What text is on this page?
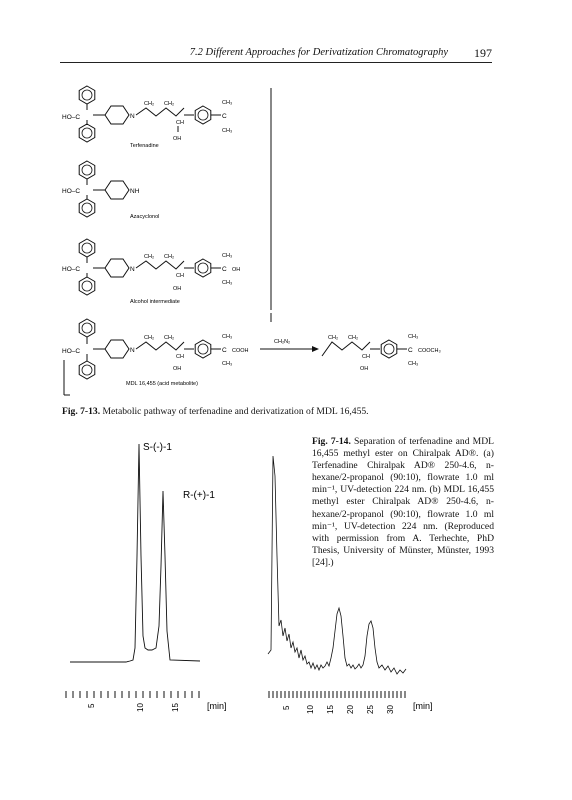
7.2 Different Approaches for Derivatization Chromatography 197
HO–C	N
CH₂ CH₂
CH
OH
C
CH₃
CH₃
Terfenadine
HO–C	NH
Azacyclonol
HO–C	N
CH₂ CH₂
CH
OH
C OH
CH₃
CH₃
Alcohol intermediate
HO–C	N
CH₂ CH₂
CH
OH
C COOH
CH₃
CH₃
MDL 16,455 (acid metabolite)
CH₂N₂
CH₂ CH₂
CH
OH
C COOCH₃
CH₃
CH₃
Fig. 7-13. Metabolic pathway of terfenadine and derivatization of MDL 16,455.
S-(-)-1
R-(+)-1
5	10	15	[min]	5 10 15 20 25 30 [min]
Fig. 7-14. Separation of terfenadine and MDL 16,455 methyl ester on Chiralpak AD®. (a) Terfenadine Chiralpak AD® 250-4.6, n-hexane/2-propanol (90:10), flowrate 1.0 ml min⁻¹, UV-detection 224 nm. (b) MDL 16,455 methyl ester Chiralpak AD® 250-4.6, n-hexane/2-propanol (90:10), flowrate 1.0 ml min⁻¹, UV-detection 224 nm. (Reproduced with permission from A. Terhechte, PhD Thesis, University of Münster, Münster, 1993 [24].)
